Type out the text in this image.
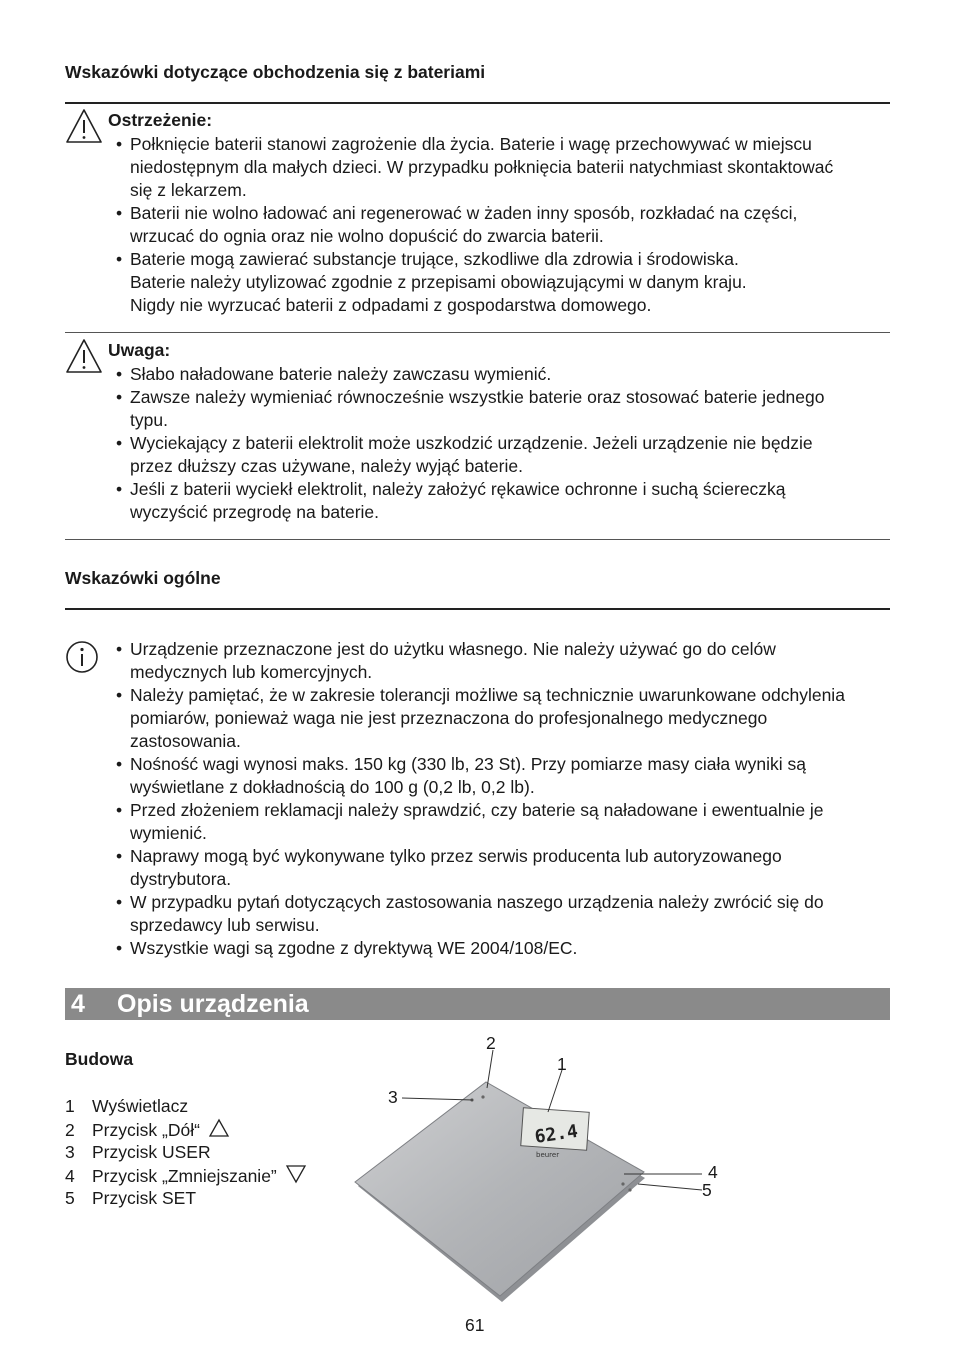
Wskazówki dotyczące obchodzenia się z bateriami
Ostrzeżenie:
• Połknięcie baterii stanowi zagrożenie dla życia. Baterie i wagę przechowywać w miejscu
niedostępnym dla małych dzieci. W przypadku połknięcia baterii natychmiast skontaktować
się z lekarzem.
• Baterii nie wolno ładować ani regenerować w żaden inny sposób, rozkładać na części,
wrzucać do ognia oraz nie wolno dopuścić do zwarcia baterii.
• Baterie mogą zawierać substancje trujące, szkodliwe dla zdrowia i środowiska.
Baterie należy utylizować zgodnie z przepisami obowiązującymi w danym kraju.
Nigdy nie wyrzucać baterii z odpadami z gospodarstwa domowego.
Uwaga:
• Słabo naładowane baterie należy zawczasu wymienić.
• Zawsze należy wymieniać równocześnie wszystkie baterie oraz stosować baterie jednego
typu.
• Wyciekający z baterii elektrolit może uszkodzić urządzenie. Jeżeli urządzenie nie będzie
przez dłuższy czas używane, należy wyjąć baterie.
• Jeśli z baterii wyciekł elektrolit, należy założyć rękawice ochronne i suchą ściereczką
wyczyścić przegrodę na baterie.
Wskazówki ogólne
• Urządzenie przeznaczone jest do użytku własnego. Nie należy używać go do celów
medycznych lub komercyjnych.
• Należy pamiętać, że w zakresie tolerancji możliwe są technicznie uwarunkowane odchylenia
pomiarów, ponieważ waga nie jest przeznaczona do profesjonalnego medycznego
zastosowania.
• Nośność wagi wynosi maks. 150 kg (330 lb, 23 St). Przy pomiarze masy ciała wyniki są
wyświetlane z dokładnością do 100 g (0,2 lb, 0,2 lb).
• Przed złożeniem reklamacji należy sprawdzić, czy baterie są naładowane i ewentualnie je
wymienić.
• Naprawy mogą być wykonywane tylko przez serwis producenta lub autoryzowanego
dystrybutora.
• W przypadku pytań dotyczących zastosowania naszego urządzenia należy zwrócić się do
sprzedawcy lub serwisu.
• Wszystkie wagi są zgodne z dyrektywą WE 2004/108/EC.
4 Opis urządzenia
Budowa
1 Wyświetlacz
2 Przycisk „Dół“
3 Przycisk USER
4 Przycisk „Zmniejszanie”
5 Przycisk SET
62.4
beurer
2
1
3
4
5
61
